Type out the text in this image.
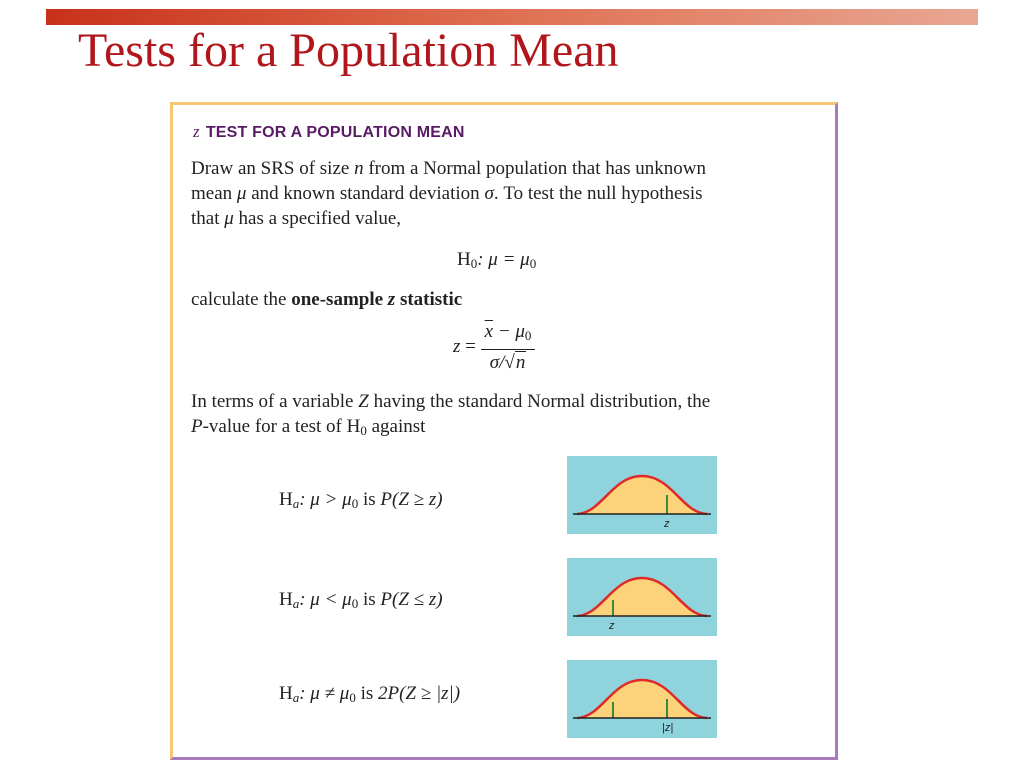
Tests for a Population Mean
z TEST FOR A POPULATION MEAN
Draw an SRS of size n from a Normal population that has unknown
mean μ and known standard deviation σ. To test the null hypothesis
that μ has a specified value,
$H_0$: $\mu = \mu_0$
calculate the one-sample z statistic
$z = \frac{\overline{x} - \mu_0}{\sigma/√n}$
In terms of a variable Z having the standard Normal distribution, the
P-value for a test of $H_0$ against
Ha: $\mu > \mu_0$ is P(Z ≥ z)
z
Ha: $\mu < \mu_0$ is P(Z ≤ z)
z
Ha: $\mu \ne \mu_0$ is 2P(Z ≥ |z|)
|z|
